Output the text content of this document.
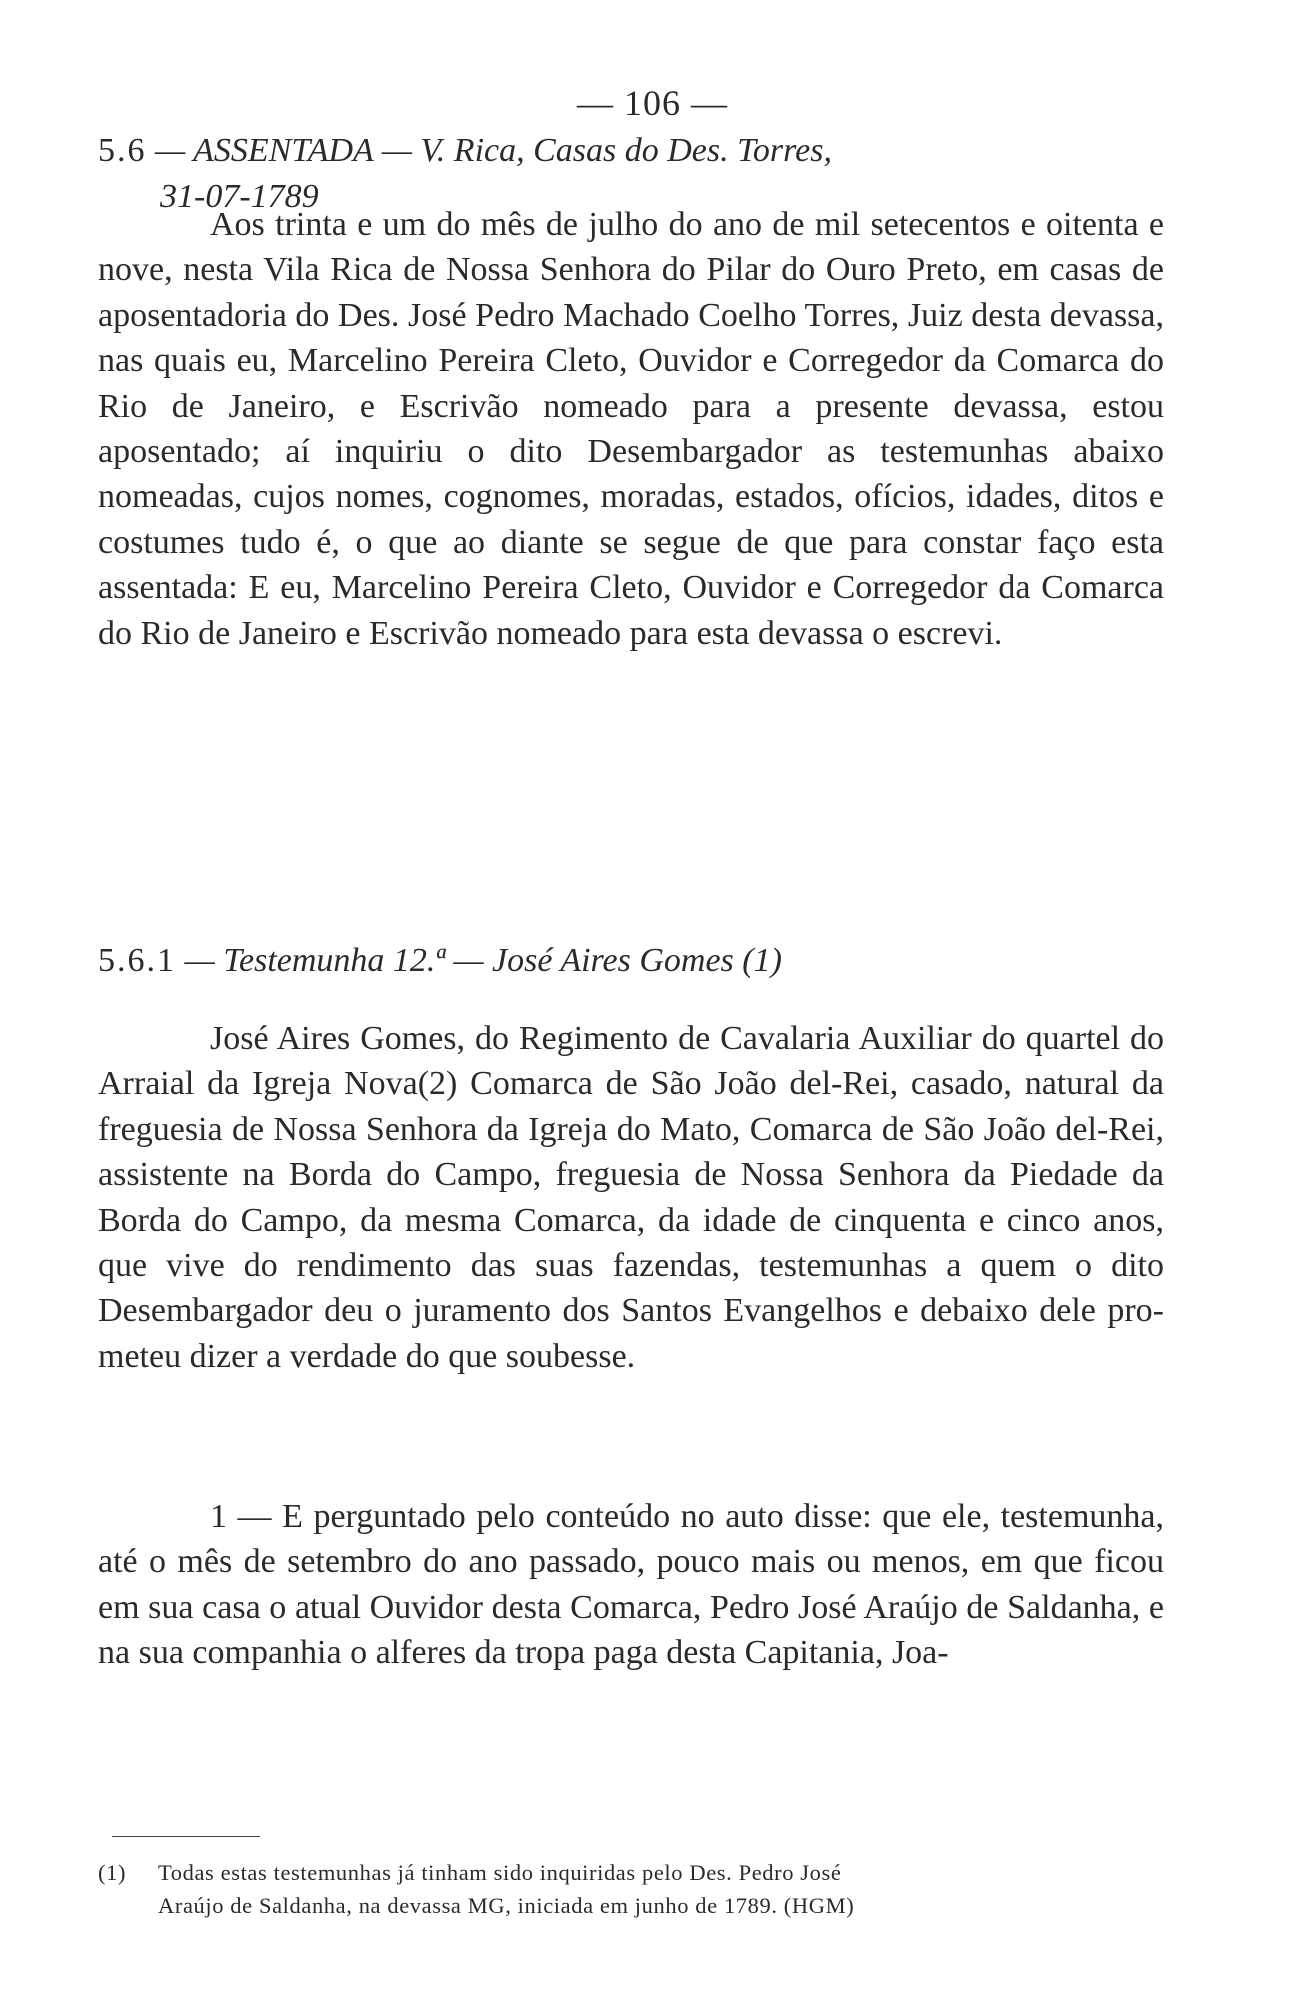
— 106 —
5.6 — ASSENTADA — V. Rica, Casas do Des. Torres,
31-07-1789

Aos trinta e um do mês de julho do ano de mil setecentos e oitenta e nove, nesta Vila Rica de Nossa Senhora do Pilar do Ouro Preto, em casas de aposentadoria do Des. José Pedro Machado Coelho Torres, Juiz desta devassa, nas quais eu, Marcelino Pereira Cleto, Ouvidor e Corregedor da Comarca do Rio de Janeiro, e Escrivão nomeado para a presente devassa, estou aposentado; aí inquiriu o dito Desembargador as testemunhas abaixo nomeadas, cujos nomes, cognomes, moradas, estados, ofícios, idades, ditos e costumes tudo é, o que ao diante se segue de que para constar faço esta assentada: E eu, Marcelino Pereira Cleto, Ouvidor e Corregedor da Comarca do Rio de Janeiro e Escrivão nomeado para esta devassa o escrevi.

5.6.1 — Testemunha 12.ª — José Aires Gomes (1)

José Aires Gomes, do Regimento de Cavalaria Auxiliar do quartel do Arraial da Igreja Nova(2) Comarca de São João del-Rei, casado, natural da freguesia de Nossa Senhora da Igreja do Mato, Comarca de São João del-Rei, assistente na Borda do Campo, freguesia de Nossa Senhora da Piedade da Borda do Campo, da mesma Comarca, da idade de cinquenta e cinco anos, que vive do rendimento das suas fazendas, testemunhas a quem o dito Desembargador deu o juramento dos Santos Evangelhos e debaixo dele prometeu dizer a verdade do que soubesse.

1 — E perguntado pelo conteúdo no auto disse: que ele, testemunha, até o mês de setembro do ano passado, pouco mais ou menos, em que ficou em sua casa o atual Ouvidor desta Comarca, Pedro José Araújo de Saldanha, e na sua companhia o alferes da tropa paga desta Capitania, Joa-

(1) Todas estas testemunhas já tinham sido inquiridas pelo Des. Pedro José
Araújo de Saldanha, na devassa MG, iniciada em junho de 1789. (HGM)
